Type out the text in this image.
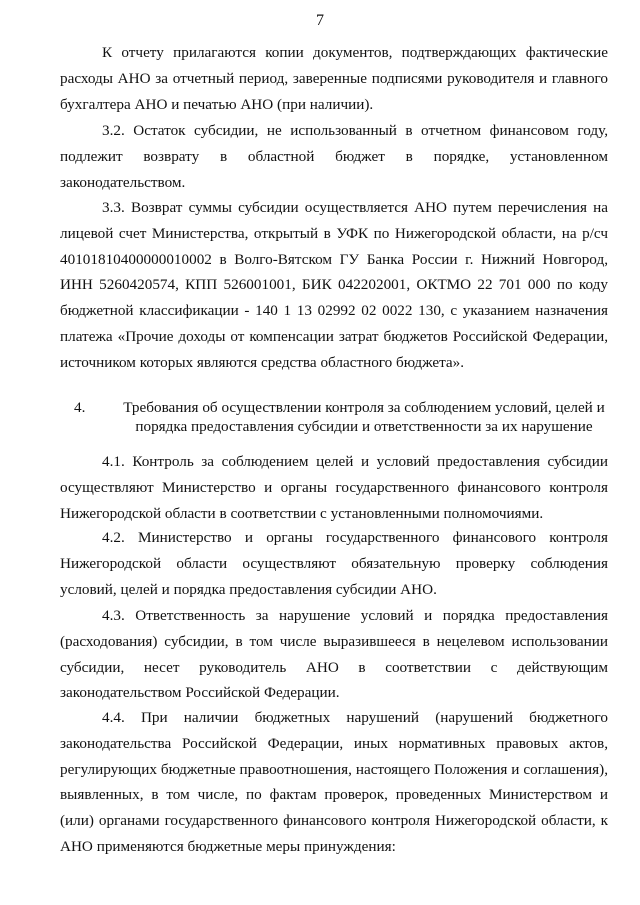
7

К отчету прилагаются копии документов, подтверждающих фактические расходы АНО за отчетный период, заверенные подписями руководителя и главного бухгалтера АНО и печатью АНО (при наличии).

3.2. Остаток субсидии, не использованный в отчетном финансовом году, подлежит возврату в областной бюджет в порядке, установленном законодательством.

3.3. Возврат суммы субсидии осуществляется АНО путем перечисления на лицевой счет Министерства, открытый в УФК по Нижегородской области, на р/сч 40101810400000010002 в Волго-Вятском ГУ Банка России г. Нижний Новгород, ИНН 5260420574, КПП 526001001, БИК 042202001, ОКТМО 22 701 000 по коду бюджетной классификации - 140 1 13 02992 02 0022 130, с указанием назначения платежа «Прочие доходы от компенсации затрат бюджетов Российской Федерации, источником которых являются средства областного бюджета».

4.	Требования об осуществлении контроля за соблюдением условий, целей и
порядка предоставления субсидии и ответственности за их нарушение

4.1. Контроль за соблюдением целей и условий предоставления субсидии осуществляют Министерство и органы государственного финансового контроля Нижегородской области в соответствии с установленными полномочиями.

4.2. Министерство и органы государственного финансового контроля Нижегородской области осуществляют обязательную проверку соблюдения условий, целей и порядка предоставления субсидии АНО.

4.3. Ответственность за нарушение условий и порядка предоставления (расходования) субсидии, в том числе выразившееся в нецелевом использовании субсидии, несет руководитель АНО в соответствии с действующим законодательством Российской Федерации.

4.4. При наличии бюджетных нарушений (нарушений бюджетного законодательства Российской Федерации, иных нормативных правовых актов, регулирующих бюджетные правоотношения, настоящего Положения и соглашения), выявленных, в том числе, по фактам проверок, проведенных Министерством и (или) органами государственного финансового контроля Нижегородской области, к АНО применяются бюджетные меры принуждения:
